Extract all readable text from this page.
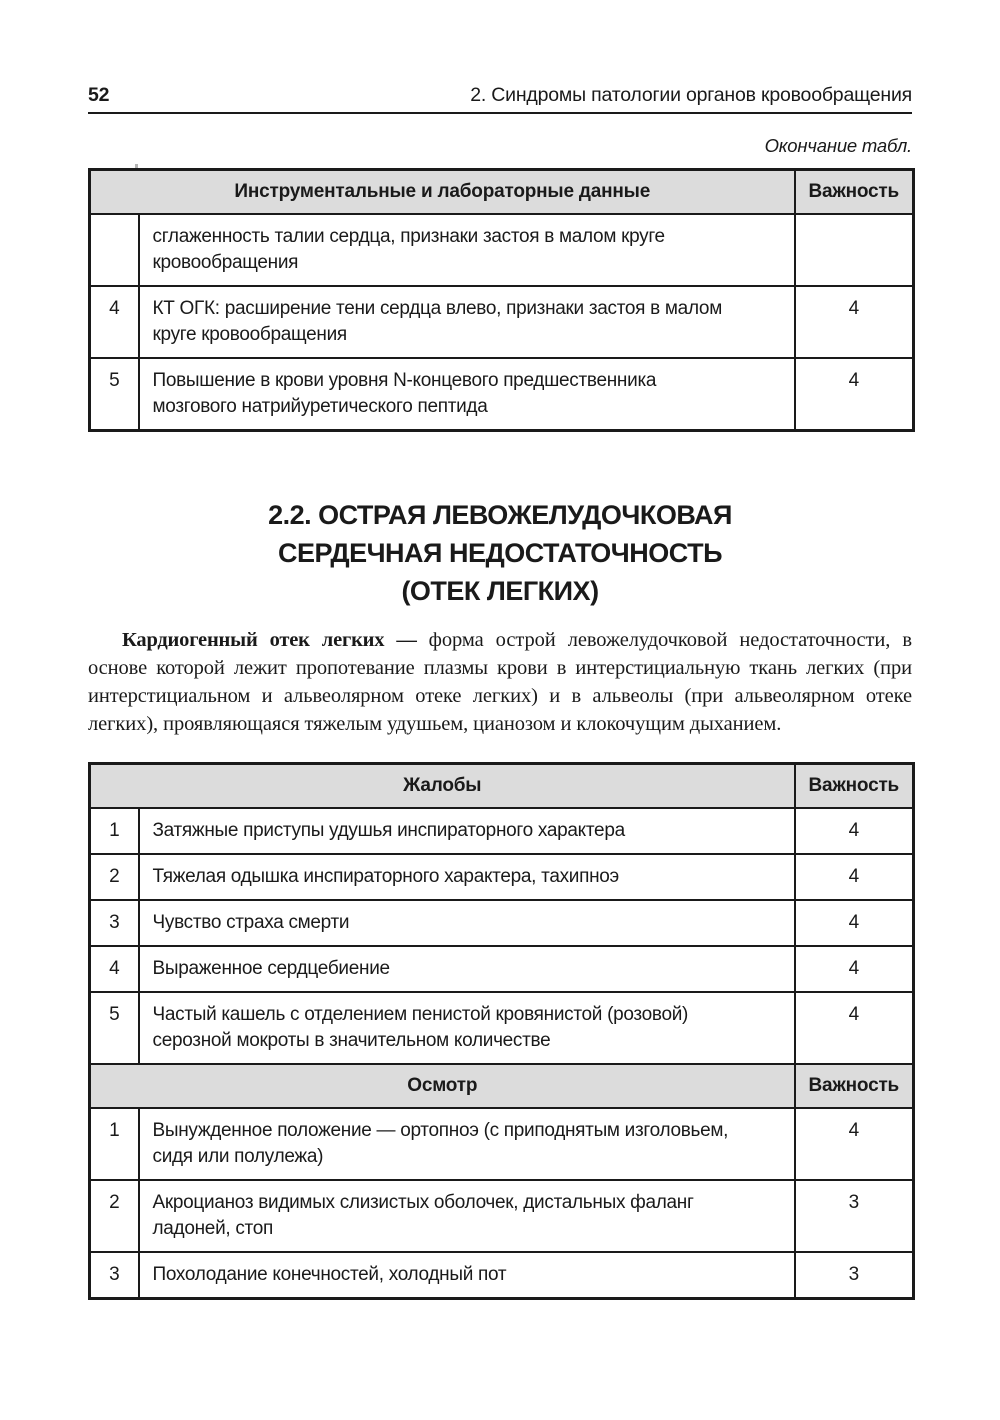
52	2. Синдромы патологии органов кровообращения
Окончание табл.
Инструментальные и лабораторные данные		Важность
	сглаженность талии сердца, признаки застоя в малом круге кровообращения	
4	КТ ОГК: расширение тени сердца влево, признаки застоя в малом круге кровообращения	4
5	Повышение в крови уровня N-концевого предшественника мозгового натрийуретического пептида	4
2.2. ОСТРАЯ ЛЕВОЖЕЛУДОЧКОВАЯ
СЕРДЕЧНАЯ НЕДОСТАТОЧНОСТЬ
(ОТЕК ЛЕГКИХ)

Кардиогенный отек легких — форма острой левожелудочковой недостаточности, в основе которой лежит пропотевание плазмы крови в интерстициальную ткань легких (при интерстициальном и альвеолярном отеке легких) и в альвеолы (при альвеолярном отеке легких), проявляющаяся тяжелым удушьем, цианозом и клокочущим дыханием.

Жалобы		Важность
1	Затяжные приступы удушья инспираторного характера	4
2	Тяжелая одышка инспираторного характера, тахипноэ	4
3	Чувство страха смерти	4
4	Выраженное сердцебиение	4
5	Частый кашель с отделением пенистой кровянистой (розовой) серозной мокроты в значительном количестве	4
Осмотр		Важность
1	Вынужденное положение — ортопноэ (с приподнятым изголовьем, сидя или полулежа)	4
2	Акроцианоз видимых слизистых оболочек, дистальных фаланг ладоней, стоп	3
3	Похолодание конечностей, холодный пот	3
